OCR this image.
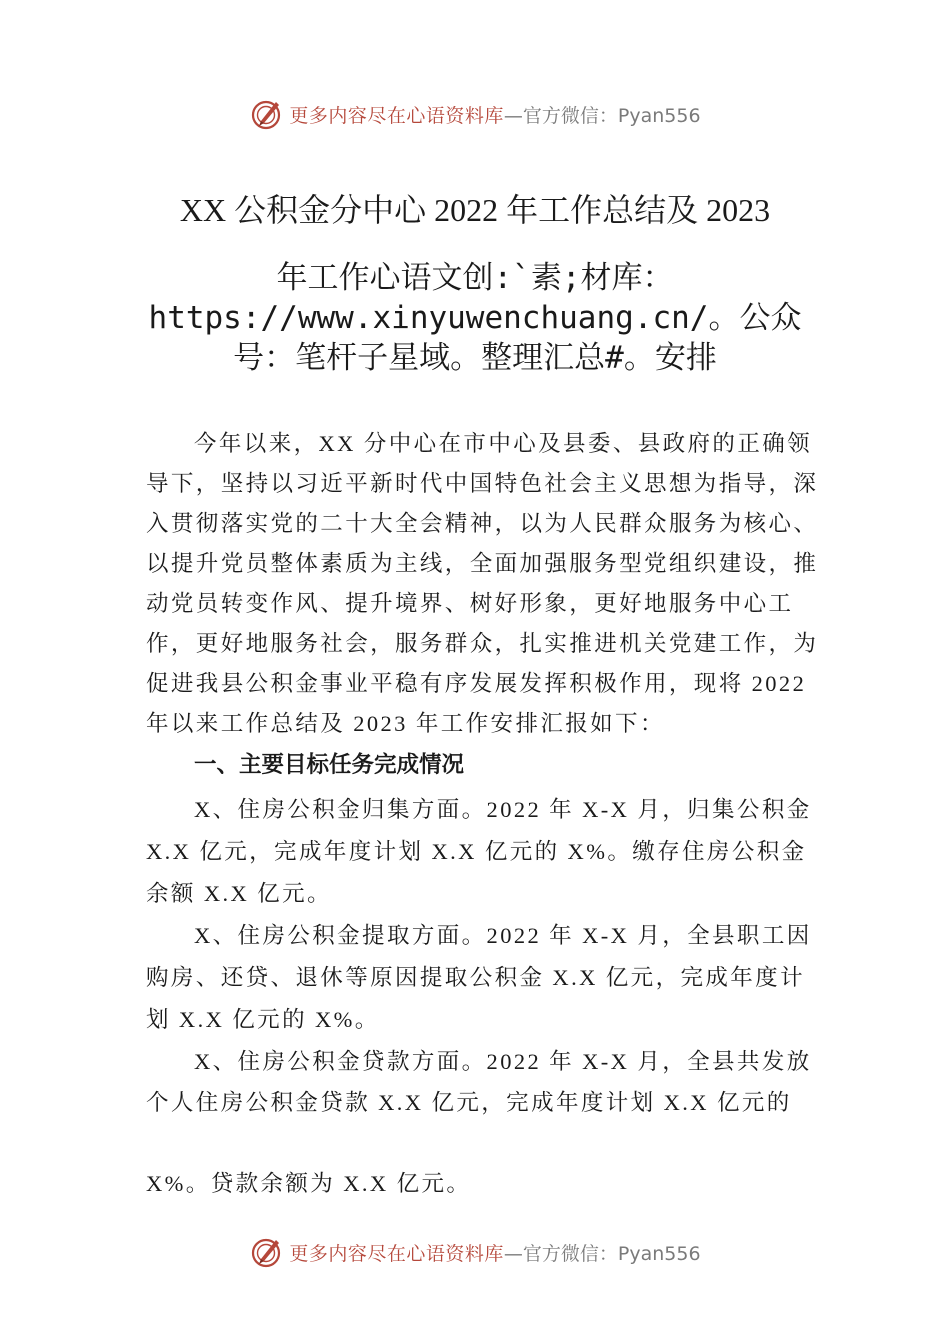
更多内容尽在心语资料库 —官方微信：Pyan556
XX 公积金分中心 2022 年工作总结及 2023
年工作心语文创:`素;材库：https://www.xinyuwenchuang.cn/。公众号：笔杆子星域。整理汇总#。安排
今年以来，XX 分中心在市中心及县委、县政府的正确领导下，坚持以习近平新时代中国特色社会主义思想为指导，深入贯彻落实党的二十大全会精神，以为人民群众服务为核心、以提升党员整体素质为主线，全面加强服务型党组织建设，推动党员转变作风、提升境界、树好形象，更好地服务中心工作，更好地服务社会，服务群众，扎实推进机关党建工作，为促进我县公积金事业平稳有序发展发挥积极作用，现将 2022 年以来工作总结及 2023 年工作安排汇报如下：
一、主要目标任务完成情况
X、住房公积金归集方面。2022 年 X-X 月，归集公积金 X.X 亿元，完成年度计划 X.X 亿元的 X%。缴存住房公积金余额 X.X 亿元。
X、住房公积金提取方面。2022 年 X-X 月，全县职工因购房、还贷、退休等原因提取公积金 X.X 亿元，完成年度计划 X.X 亿元的 X%。
X、住房公积金贷款方面。2022 年 X-X 月，全县共发放个人住房公积金贷款 X.X 亿元，完成年度计划 X.X 亿元的
X%。贷款余额为 X.X 亿元。
更多内容尽在心语资料库 —官方微信：Pyan556
